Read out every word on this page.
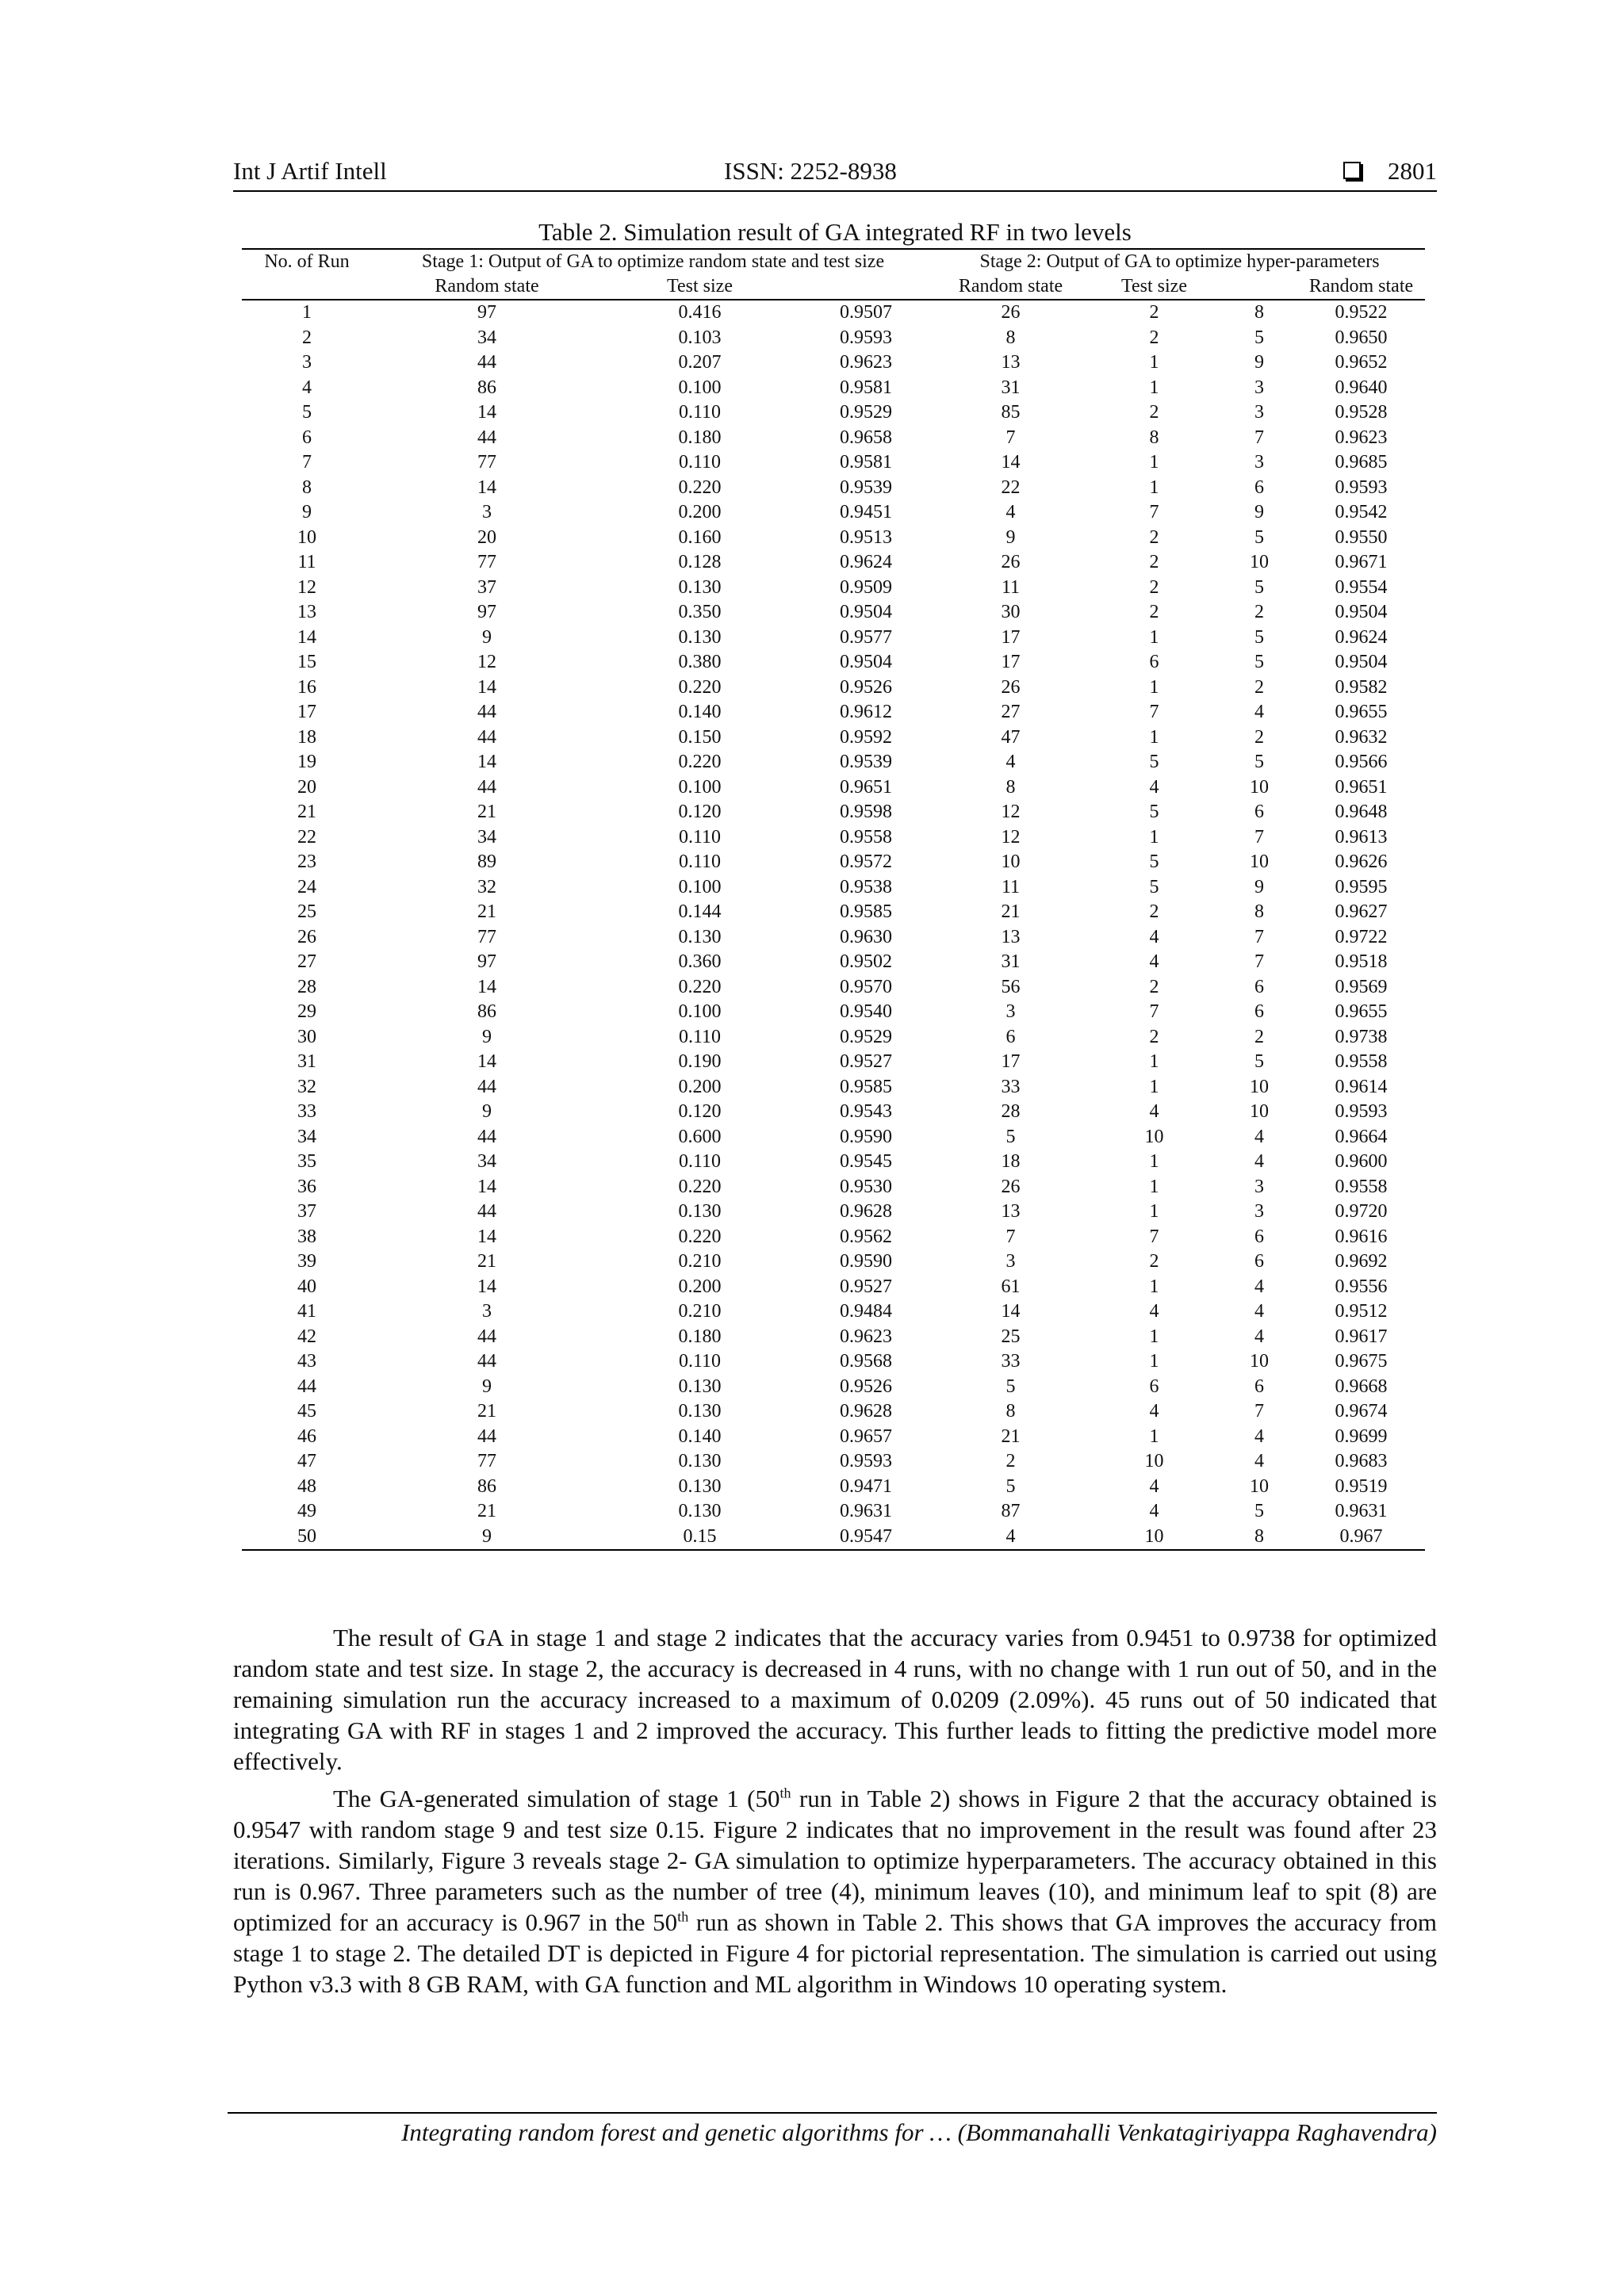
Int J Artif Intell	ISSN: 2252-8938	2801
Table 2. Simulation result of GA integrated RF in two levels
No. of Run	Stage 1: Output of GA to optimize random state and test size			Stage 2: Output of GA to optimize hyper-parameters			
	Random state	Test size		Random state	Test size		Random state
1	97	0.416	0.9507	26	2	8	0.9522
2	34	0.103	0.9593	8	2	5	0.9650
3	44	0.207	0.9623	13	1	9	0.9652
4	86	0.100	0.9581	31	1	3	0.9640
5	14	0.110	0.9529	85	2	3	0.9528
6	44	0.180	0.9658	7	8	7	0.9623
7	77	0.110	0.9581	14	1	3	0.9685
8	14	0.220	0.9539	22	1	6	0.9593
9	3	0.200	0.9451	4	7	9	0.9542
10	20	0.160	0.9513	9	2	5	0.9550
11	77	0.128	0.9624	26	2	10	0.9671
12	37	0.130	0.9509	11	2	5	0.9554
13	97	0.350	0.9504	30	2	2	0.9504
14	9	0.130	0.9577	17	1	5	0.9624
15	12	0.380	0.9504	17	6	5	0.9504
16	14	0.220	0.9526	26	1	2	0.9582
17	44	0.140	0.9612	27	7	4	0.9655
18	44	0.150	0.9592	47	1	2	0.9632
19	14	0.220	0.9539	4	5	5	0.9566
20	44	0.100	0.9651	8	4	10	0.9651
21	21	0.120	0.9598	12	5	6	0.9648
22	34	0.110	0.9558	12	1	7	0.9613
23	89	0.110	0.9572	10	5	10	0.9626
24	32	0.100	0.9538	11	5	9	0.9595
25	21	0.144	0.9585	21	2	8	0.9627
26	77	0.130	0.9630	13	4	7	0.9722
27	97	0.360	0.9502	31	4	7	0.9518
28	14	0.220	0.9570	56	2	6	0.9569
29	86	0.100	0.9540	3	7	6	0.9655
30	9	0.110	0.9529	6	2	2	0.9738
31	14	0.190	0.9527	17	1	5	0.9558
32	44	0.200	0.9585	33	1	10	0.9614
33	9	0.120	0.9543	28	4	10	0.9593
34	44	0.600	0.9590	5	10	4	0.9664
35	34	0.110	0.9545	18	1	4	0.9600
36	14	0.220	0.9530	26	1	3	0.9558
37	44	0.130	0.9628	13	1	3	0.9720
38	14	0.220	0.9562	7	7	6	0.9616
39	21	0.210	0.9590	3	2	6	0.9692
40	14	0.200	0.9527	61	1	4	0.9556
41	3	0.210	0.9484	14	4	4	0.9512
42	44	0.180	0.9623	25	1	4	0.9617
43	44	0.110	0.9568	33	1	10	0.9675
44	9	0.130	0.9526	5	6	6	0.9668
45	21	0.130	0.9628	8	4	7	0.9674
46	44	0.140	0.9657	21	1	4	0.9699
47	77	0.130	0.9593	2	10	4	0.9683
48	86	0.130	0.9471	5	4	10	0.9519
49	21	0.130	0.9631	87	4	5	0.9631
50	9	0.15	0.9547	4	10	8	0.967

The result of GA in stage 1 and stage 2 indicates that the accuracy varies from 0.9451 to 0.9738 for optimized random state and test size. In stage 2, the accuracy is decreased in 4 runs, with no change with 1 run out of 50, and in the remaining simulation run the accuracy increased to a maximum of 0.0209 (2.09%). 45 runs out of 50 indicated that integrating GA with RF in stages 1 and 2 improved the accuracy. This further leads to fitting the predictive model more effectively.

The GA-generated simulation of stage 1 (50th run in Table 2) shows in Figure 2 that the accuracy obtained is 0.9547 with random stage 9 and test size 0.15. Figure 2 indicates that no improvement in the result was found after 23 iterations. Similarly, Figure 3 reveals stage 2- GA simulation to optimize hyperparameters. The accuracy obtained in this run is 0.967. Three parameters such as the number of tree (4), minimum leaves (10), and minimum leaf to spit (8) are optimized for an accuracy is 0.967 in the 50th run as shown in Table 2. This shows that GA improves the accuracy from stage 1 to stage 2. The detailed DT is depicted in Figure 4 for pictorial representation. The simulation is carried out using Python v3.3 with 8 GB RAM, with GA function and ML algorithm in Windows 10 operating system.

Integrating random forest and genetic algorithms for … (Bommanahalli Venkatagiriyappa Raghavendra)
